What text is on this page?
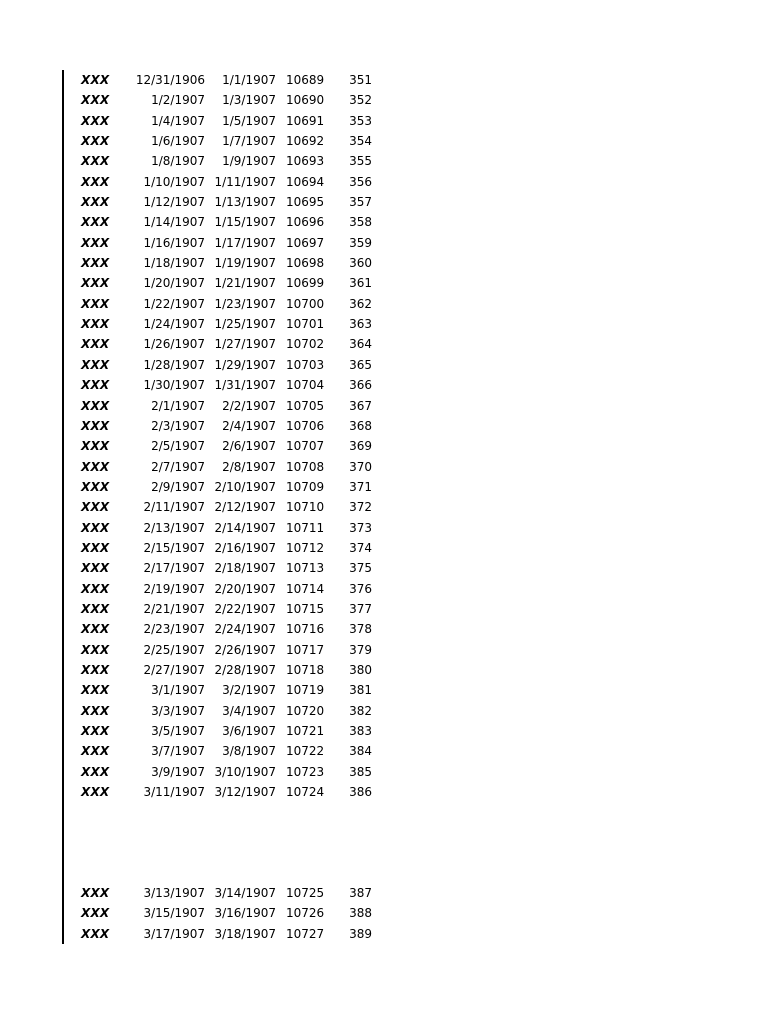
XXX	12/31/1906	1/1/1907 10689	351
XXX	1/2/1907	1/3/1907 10690	352
XXX	1/4/1907	1/5/1907 10691	353
XXX	1/6/1907	1/7/1907 10692	354
XXX	1/8/1907	1/9/1907 10693	355
XXX	1/10/1907 1/11/1907 10694	356
XXX	1/12/1907 1/13/1907 10695	357
XXX	1/14/1907 1/15/1907 10696	358
XXX	1/16/1907 1/17/1907 10697	359
XXX	1/18/1907 1/19/1907 10698	360
XXX	1/20/1907 1/21/1907 10699	361
XXX	1/22/1907 1/23/1907 10700	362
XXX	1/24/1907 1/25/1907 10701	363
XXX	1/26/1907 1/27/1907 10702	364
XXX	1/28/1907 1/29/1907 10703	365
XXX	1/30/1907 1/31/1907 10704	366
XXX	2/1/1907	2/2/1907 10705	367
XXX	2/3/1907	2/4/1907 10706	368
XXX	2/5/1907	2/6/1907 10707	369
XXX	2/7/1907	2/8/1907 10708	370
XXX	2/9/1907 2/10/1907 10709	371
XXX	2/11/1907 2/12/1907 10710	372
XXX	2/13/1907 2/14/1907 10711	373
XXX	2/15/1907 2/16/1907 10712	374
XXX	2/17/1907 2/18/1907 10713	375
XXX	2/19/1907 2/20/1907 10714	376
XXX	2/21/1907 2/22/1907 10715	377
XXX	2/23/1907 2/24/1907 10716	378
XXX	2/25/1907 2/26/1907 10717	379
XXX	2/27/1907 2/28/1907 10718	380
XXX	3/1/1907	3/2/1907 10719	381
XXX	3/3/1907	3/4/1907 10720	382
XXX	3/5/1907	3/6/1907 10721	383
XXX	3/7/1907	3/8/1907 10722	384
XXX	3/9/1907 3/10/1907 10723	385
XXX	3/11/1907 3/12/1907 10724	386
XXX	3/13/1907 3/14/1907 10725	387
XXX	3/15/1907 3/16/1907 10726	388
XXX	3/17/1907 3/18/1907 10727	389
